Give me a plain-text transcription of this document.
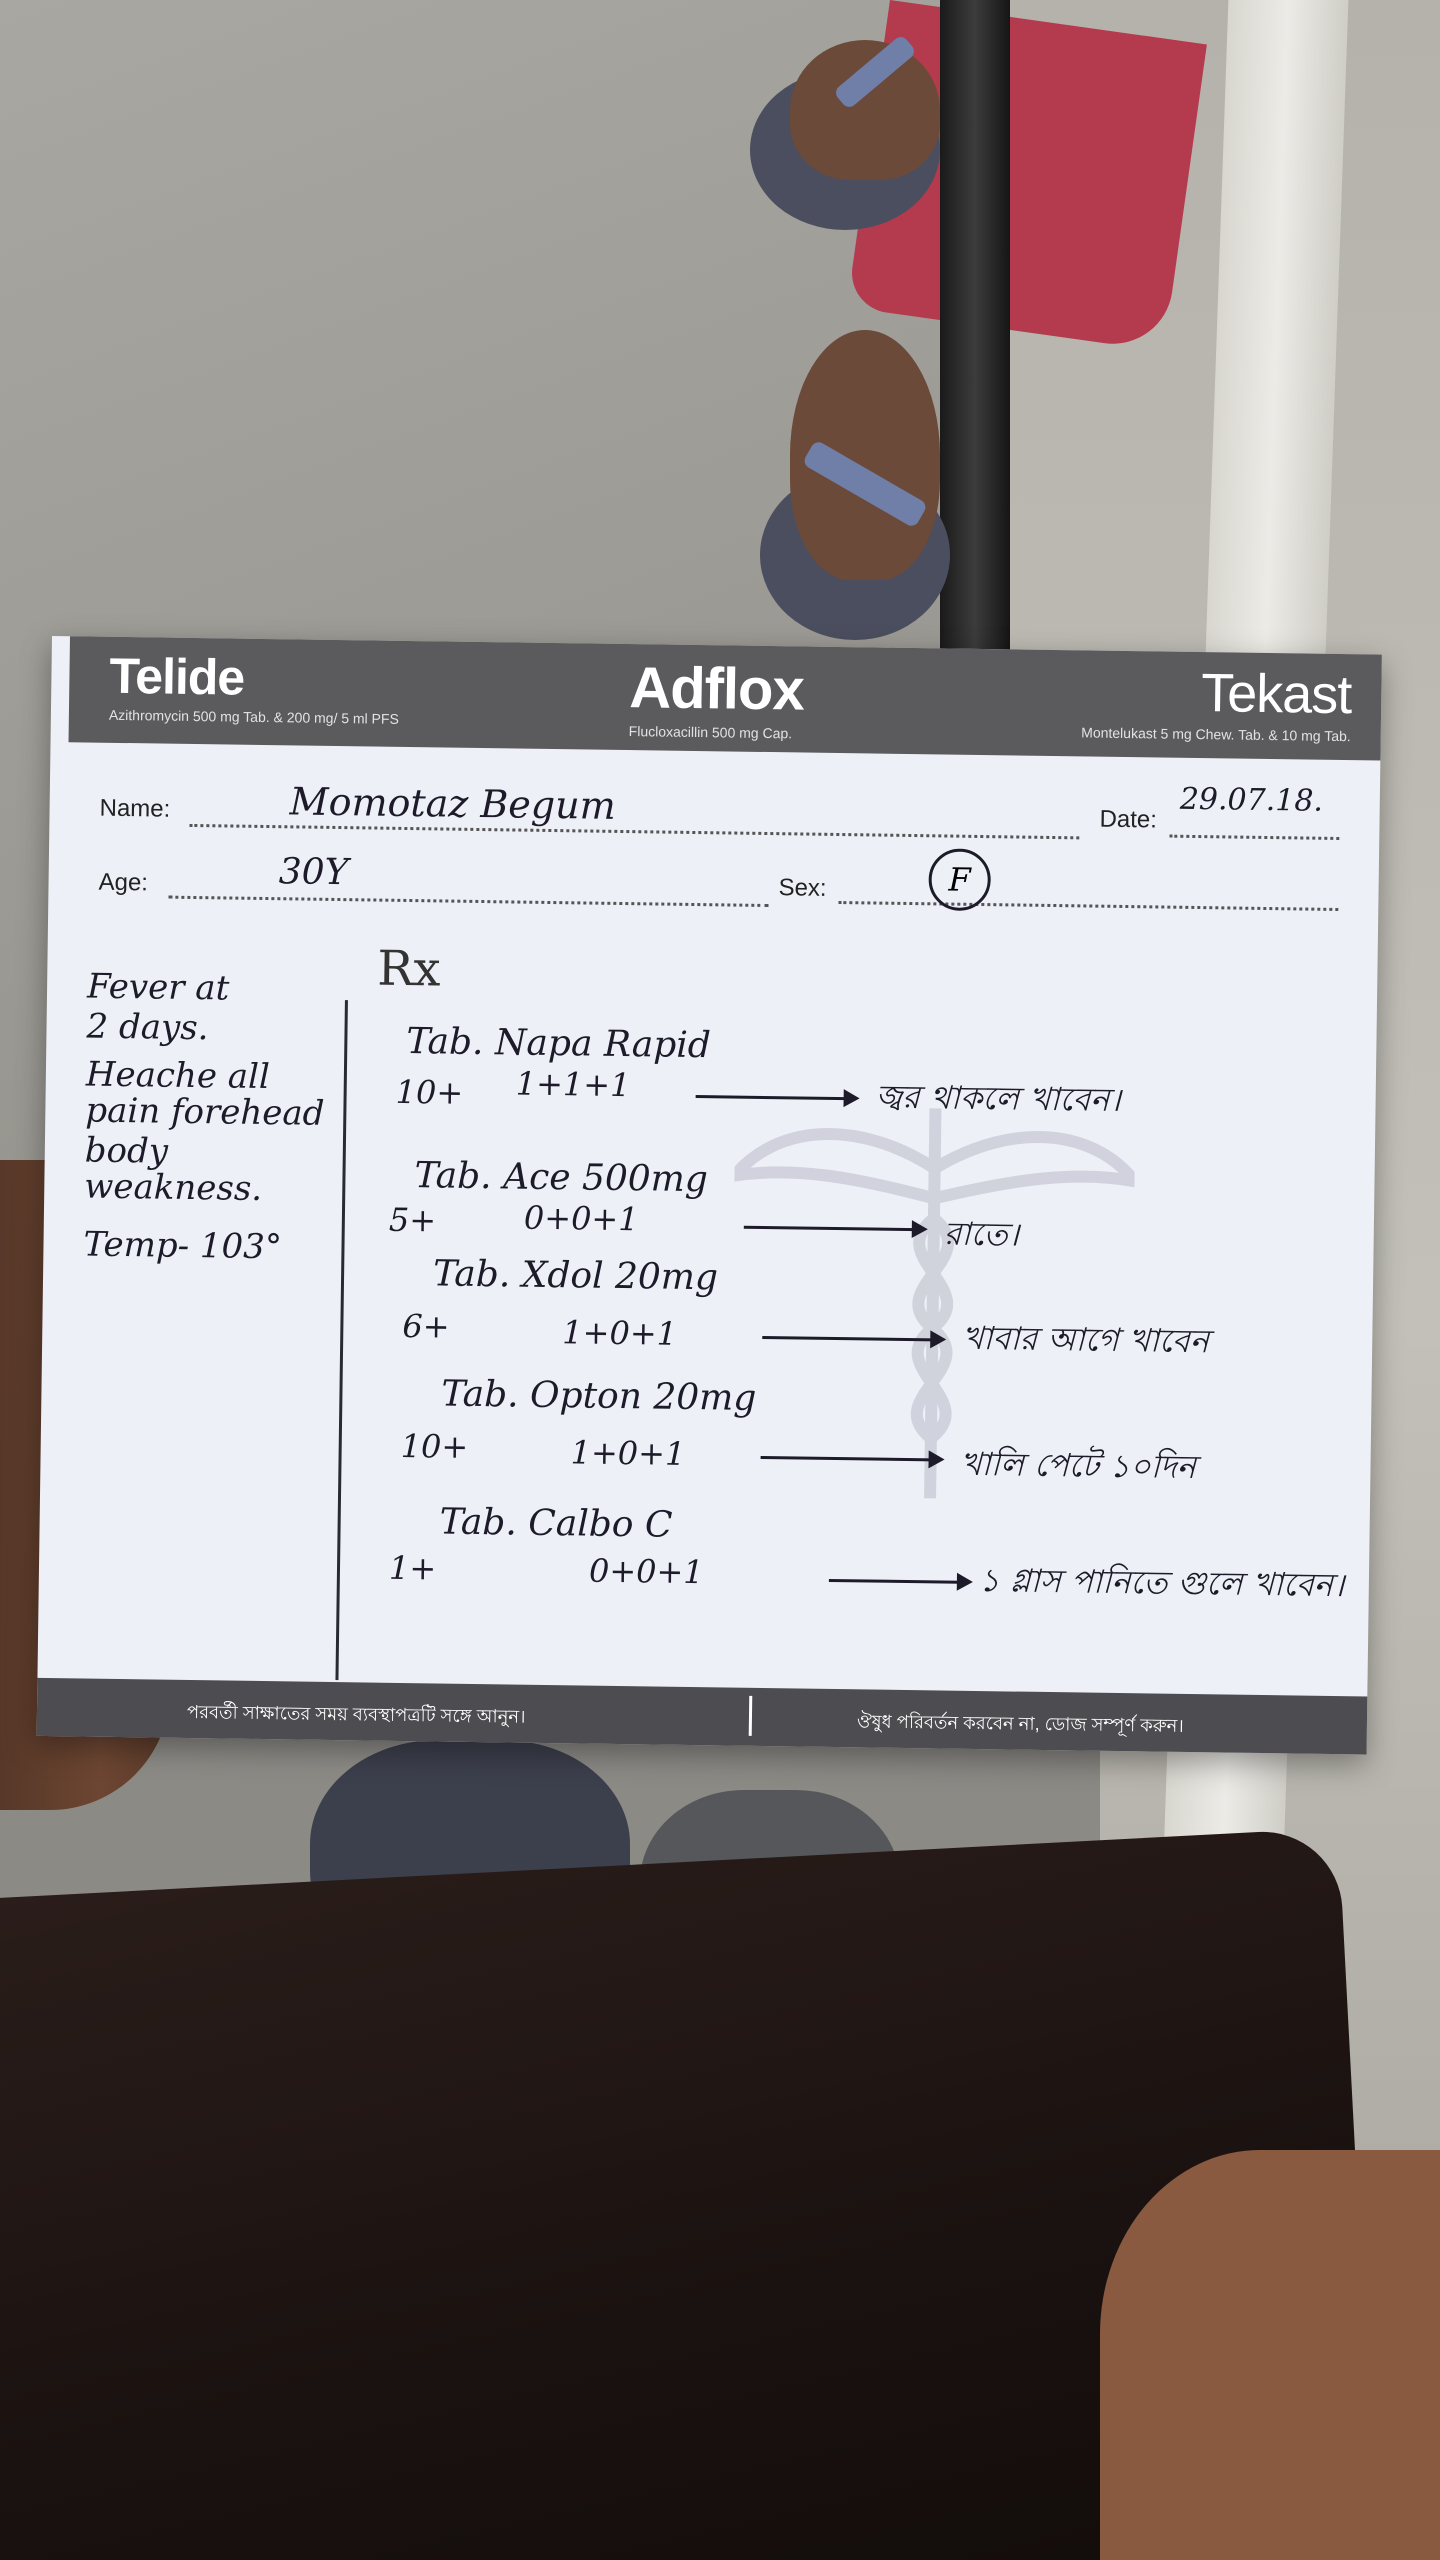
Telide
Azithromycin 500 mg Tab. & 200 mg/ 5 ml PFS	Adflox
Flucloxacillin 500 mg Cap.
Tekast
Montelukast 5 mg Chew. Tab. & 10 mg Tab.
Name:	Momotaz Begum	Date:
29.07.18.
Age:	30Y	Sex:	F
Rx
Fever at
2 days.
Heache all
pain forehead
body
weakness.
Temp- 103°
Tab. Napa Rapid
10+ 1+1+1	জ্বর থাকলে খাবেন।
Tab. Ace 500mg
5+	0+0+1	রাতে।
Tab. Xdol 20mg
6+	1+0+1	খাবার আগে খাবেন
Tab. Opton 20mg
10+	1+0+1	খালি পেটে ১০দিন
Tab. Calbo C
1+	0+0+1	১ গ্লাস পানিতে গুলে খাবেন।
পরবর্তী সাক্ষাতের সময় ব্যবস্থাপত্রটি সঙ্গে আনুন।	ঔষুধ পরিবর্তন করবেন না, ডোজ সম্পূর্ণ করুন।
